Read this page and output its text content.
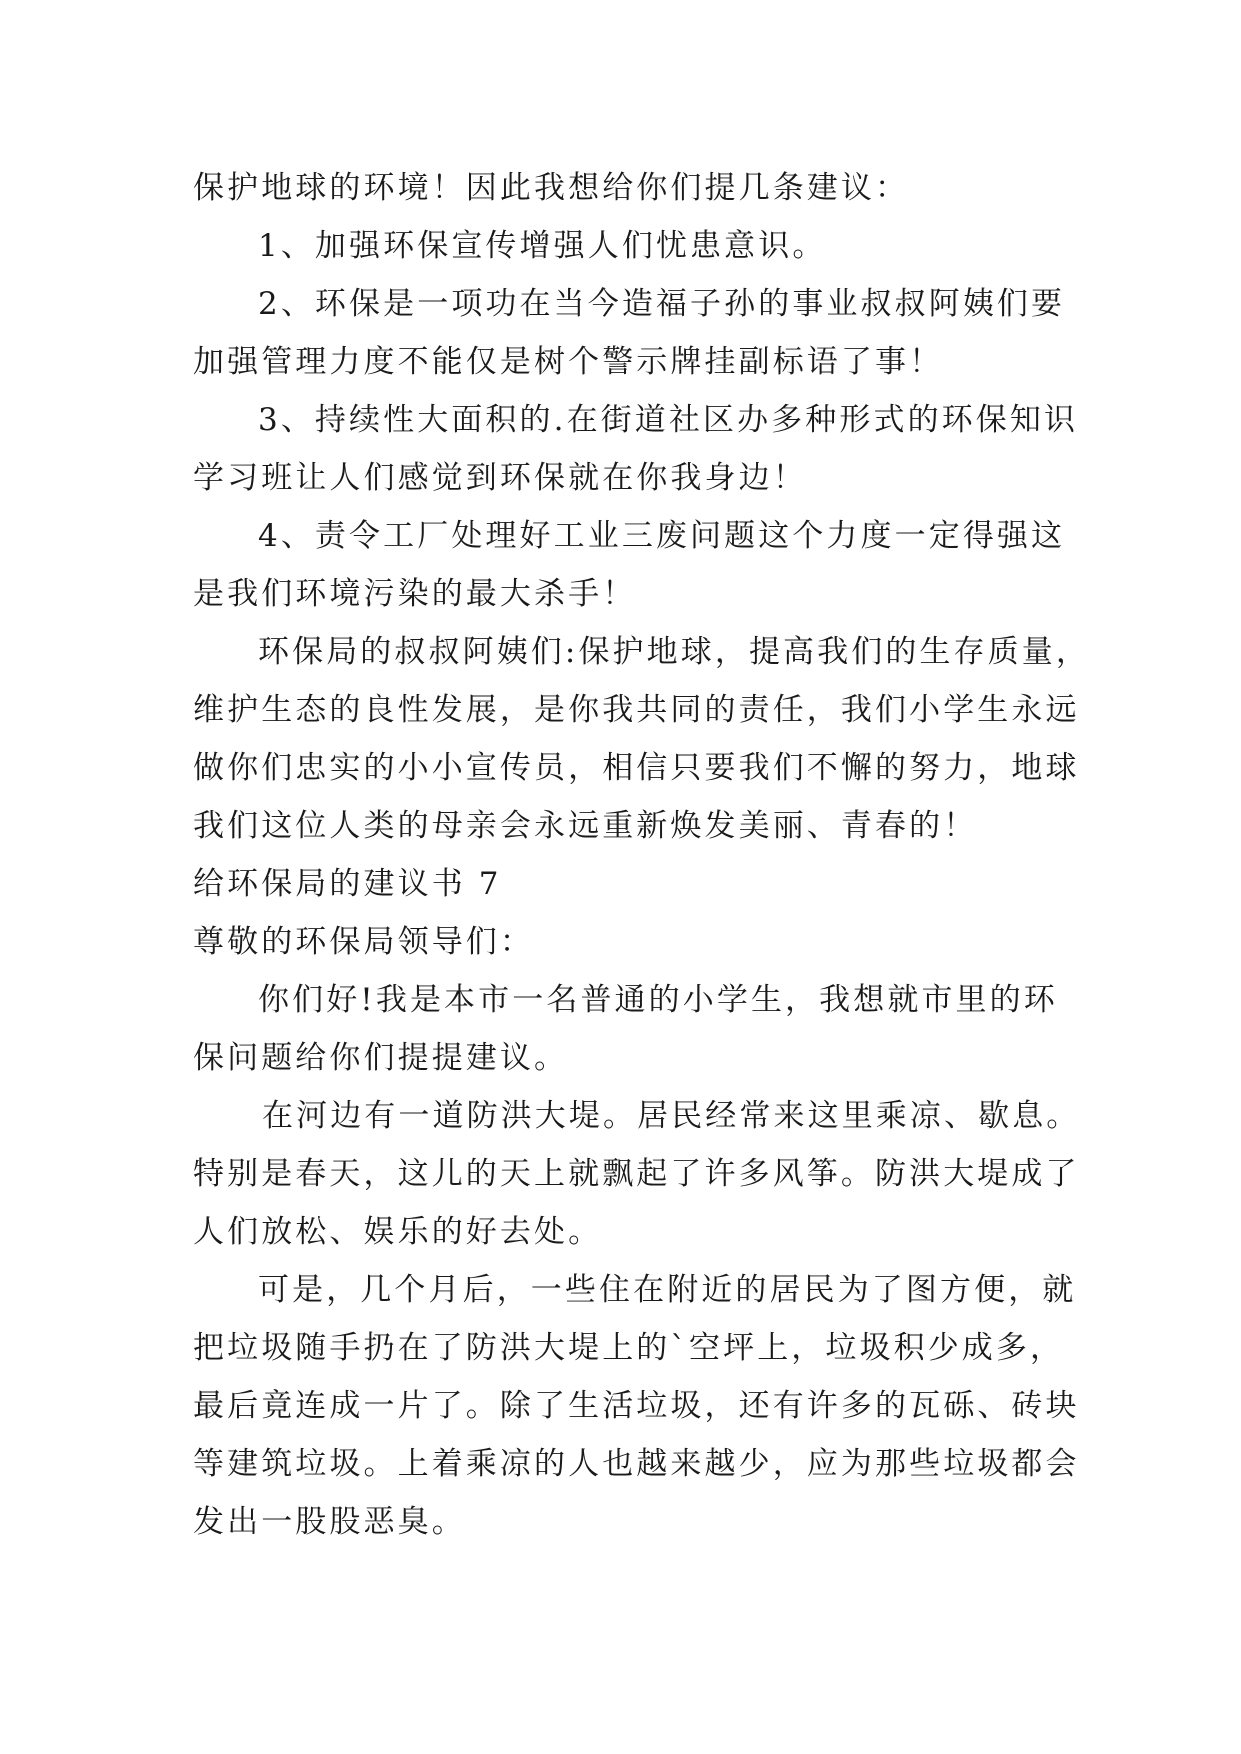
保护地球的环境！因此我想给你们提几条建议：

1、加强环保宣传增强人们忧患意识。

2、环保是一项功在当今造福子孙的事业叔叔阿姨们要

加强管理力度不能仅是树个警示牌挂副标语了事！

3、持续性大面积的.在街道社区办多种形式的环保知识

学习班让人们感觉到环保就在你我身边！

4、责令工厂处理好工业三废问题这个力度一定得强这

是我们环境污染的最大杀手！

环保局的叔叔阿姨们:保护地球，提高我们的生存质量，

维护生态的良性发展，是你我共同的责任，我们小学生永远

做你们忠实的小小宣传员，相信只要我们不懈的努力，地球

我们这位人类的母亲会永远重新焕发美丽、青春的！

给环保局的建议书 7

尊敬的环保局领导们：

你们好!我是本市一名普通的小学生，我想就市里的环

保问题给你们提提建议。

在河边有一道防洪大堤。居民经常来这里乘凉、歇息。

特别是春天，这儿的天上就飘起了许多风筝。防洪大堤成了

人们放松、娱乐的好去处。

可是，几个月后，一些住在附近的居民为了图方便，就

把垃圾随手扔在了防洪大堤上的`空坪上，垃圾积少成多，

最后竟连成一片了。除了生活垃圾，还有许多的瓦砾、砖块

等建筑垃圾。上着乘凉的人也越来越少，应为那些垃圾都会

发出一股股恶臭。
